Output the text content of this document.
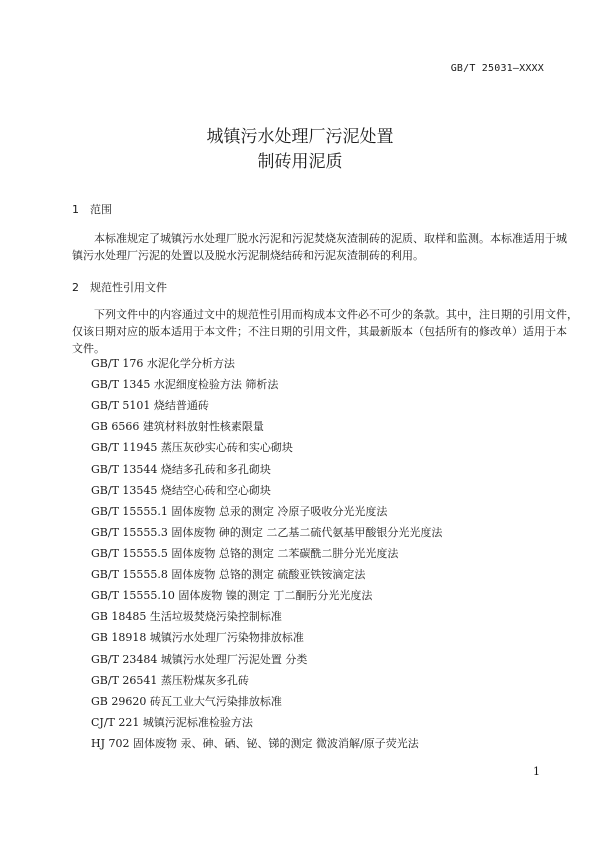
GB/T 25031—XXXX
城镇污水处理厂污泥处置
制砖用泥质
1 范围
本标准规定了城镇污水处理厂脱水污泥和污泥焚烧灰渣制砖的泥质、取样和监测。本标准适用于城
镇污水处理厂污泥的处置以及脱水污泥制烧结砖和污泥灰渣制砖的利用。
2 规范性引用文件
下列文件中的内容通过文中的规范性引用而构成本文件必不可少的条款。其中，注日期的引用文件，
仅该日期对应的版本适用于本文件；不注日期的引用文件，其最新版本（包括所有的修改单）适用于本
文件。
GB/T 176 水泥化学分析方法
GB/T 1345 水泥细度检验方法 筛析法
GB/T 5101 烧结普通砖
GB 6566 建筑材料放射性核素限量
GB/T 11945 蒸压灰砂实心砖和实心砌块
GB/T 13544 烧结多孔砖和多孔砌块
GB/T 13545 烧结空心砖和空心砌块
GB/T 15555.1 固体废物 总汞的测定 冷原子吸收分光光度法
GB/T 15555.3 固体废物 砷的测定 二乙基二硫代氨基甲酸银分光光度法
GB/T 15555.5 固体废物 总铬的测定 二苯碳酰二肼分光光度法
GB/T 15555.8 固体废物 总铬的测定 硫酸亚铁铵滴定法
GB/T 15555.10 固体废物 镍的测定 丁二酮肟分光光度法
GB 18485 生活垃圾焚烧污染控制标准
GB 18918 城镇污水处理厂污染物排放标准
GB/T 23484 城镇污水处理厂污泥处置 分类
GB/T 26541 蒸压粉煤灰多孔砖
GB 29620 砖瓦工业大气污染排放标准
CJ/T 221 城镇污泥标准检验方法
HJ 702 固体废物 汞、砷、硒、铋、锑的测定 微波消解/原子荧光法
1
